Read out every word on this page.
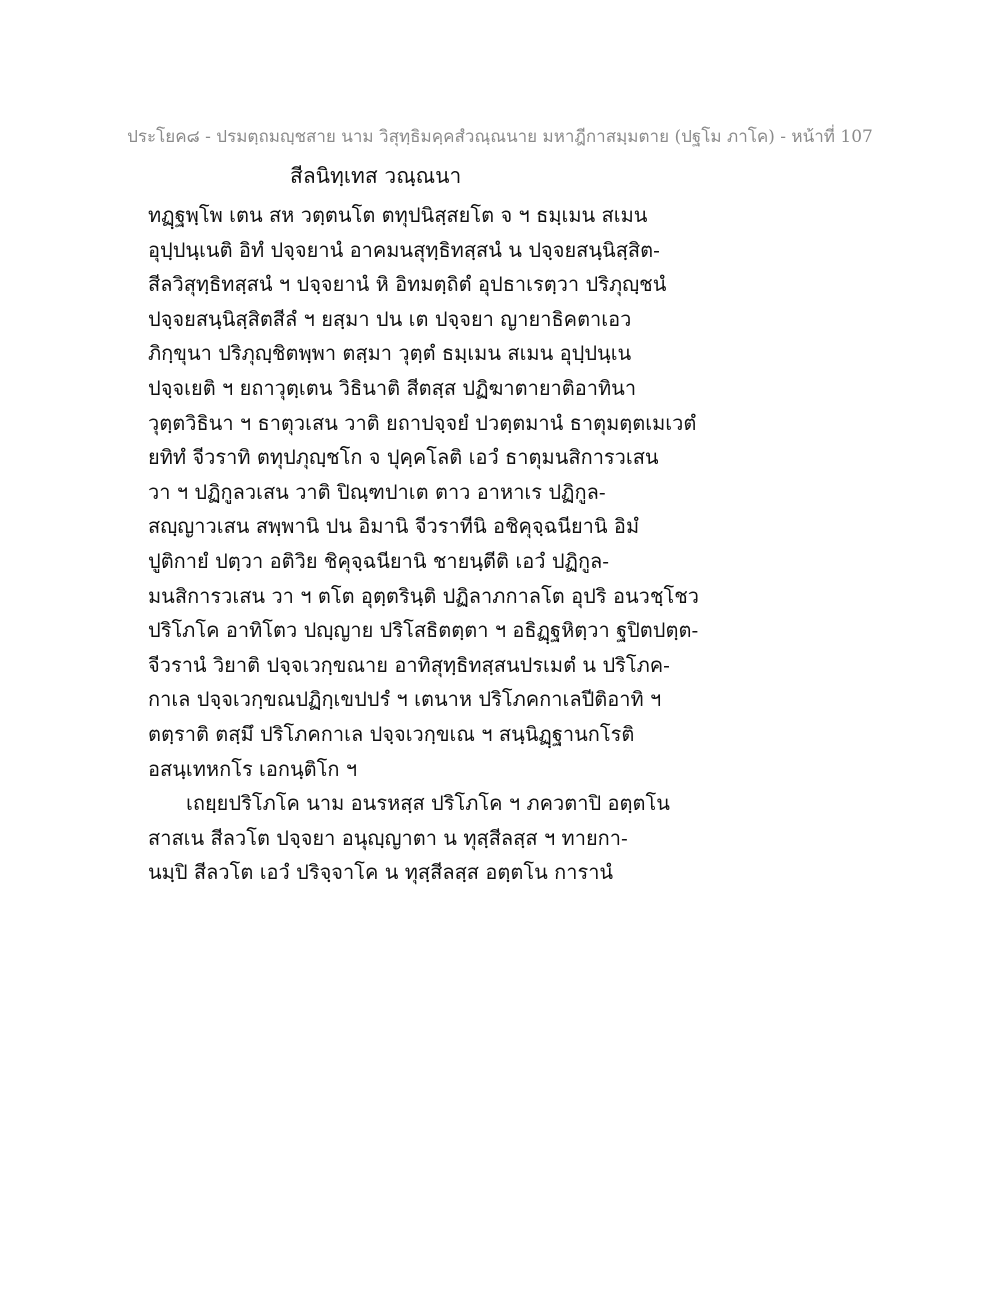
ประโยค๘ - ปรมตฺถมญฺชสาย นาม วิสุทฺธิมคฺคสํวณฺณนาย มหาฎีกาสมฺมตาย (ปฐโม ภาโค) - หน้าที่ 107
สีลนิทฺเทส วณฺณนา
ทฏฺฐพฺโพ เตน สห วตฺตนโต ตทุปนิสฺสยโต จ ฯ ธมฺเมน สเมน
อุปฺปนฺเนติ อิทํ ปจฺจยานํ อาคมนสุทฺธิทสฺสนํ น ปจฺจยสนฺนิสฺสิต-
สีลวิสุทฺธิทสฺสนํ ฯ ปจฺจยานํ หิ อิทมตฺถิตํ อุปธาเรตฺวา ปริภุญฺชนํ
ปจฺจยสนฺนิสฺสิตสีลํ ฯ ยสฺมา ปน เต ปจฺจยา ญายาธิคตาเอว
ภิกฺขุนา ปริภุญฺชิตพฺพา ตสฺมา วุตฺตํ ธมฺเมน สเมน อุปฺปนฺเน
ปจฺจเยติ ฯ ยถาวุตฺเตน วิธินาติ สีตสฺส ปฏิฆาตายาติอาทินา
วุตฺตวิธินา ฯ ธาตุวเสน วาติ ยถาปจฺจยํ ปวตฺตมานํ ธาตุมตฺตเมเวตํ
ยทิทํ จีวราทิ ตทุปภุญฺชโก จ ปุคฺคโลติ เอวํ ธาตุมนสิการวเสน
วา ฯ ปฏิกูลวเสน วาติ ปิณฺฑปาเต ตาว อาหาเร ปฏิกูล-
สญฺญาวเสน สพฺพานิ ปน อิมานิ จีวราทีนิ อชิคุจฺฉนียานิ อิมํ
ปูติกายํ ปตฺวา อติวิย ชิคุจฺฉนียานิ ชายนฺตีติ เอวํ ปฏิกูล-
มนสิการวเสน วา ฯ ตโต อุตฺตรินฺติ ปฏิลาภกาลโต อุปริ อนวชฺโชว
ปริโภโค อาทิโตว ปญฺญาย ปริโสธิตตฺตา ฯ อธิฏฺฐหิตฺวา ฐปิตปตฺต-
จีวรานํ วิยาติ ปจฺจเวกฺขณาย อาทิสุทฺธิทสฺสนปรเมตํ น ปริโภค-
กาเล ปจฺจเวกฺขณปฏิกฺเขปปรํ ฯ เตนาห ปริโภคกาเลปีติอาทิ ฯ
ตตฺราติ ตสฺมึ ปริโภคกาเล ปจฺจเวกฺขเณ ฯ สนฺนิฏฺฐานกโรติ
อสนฺเทหกโร เอกนฺติโก ฯ
เถยฺยปริโภโค นาม อนรหสฺส ปริโภโค ฯ ภควตาปิ อตฺตโน
สาสเน สีลวโต ปจฺจยา อนุญฺญาตา น ทุสฺสีลสฺส ฯ ทายกา-
นมฺปิ สีลวโต เอวํ ปริจฺจาโค น ทุสฺสีลสฺส อตฺตโน การานํ
